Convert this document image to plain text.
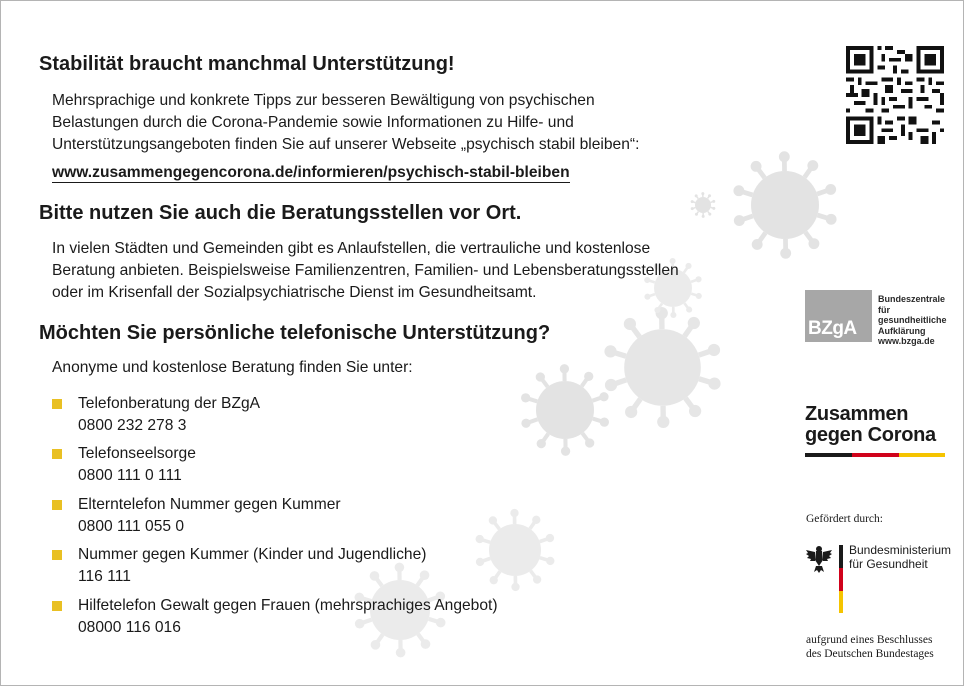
Stabilität braucht manchmal Unterstützung!

Mehrsprachige und konkrete Tipps zur besseren Bewältigung von psychischen
Belastungen durch die Corona-Pandemie sowie Informationen zu Hilfe- und
Unterstützungsangeboten finden Sie auf unserer Webseite „psychisch stabil bleiben“:

www.zusammengegencorona.de/informieren/psychisch-stabil-bleiben
Bitte nutzen Sie auch die Beratungsstellen vor Ort.

In vielen Städten und Gemeinden gibt es Anlaufstellen, die vertrauliche und kostenlose
Beratung anbieten. Beispielsweise Familienzentren, Familien- und Lebensberatungsstellen
oder im Krisenfall der Sozialpsychiatrische Dienst im Gesundheitsamt.

Möchten Sie persönliche telefonische Unterstützung?

Anonyme und kostenlose Beratung finden Sie unter:

Telefonberatung der BZgA
0800 232 278 3
Telefonseelsorge
0800 111 0 111
Elterntelefon Nummer gegen Kummer
0800 111 055 0
Nummer gegen Kummer (Kinder und Jugendliche)
116 111
Hilfetelefon Gewalt gegen Frauen (mehrsprachiges Angebot)
08000 116 016
BZgA
Bundeszentrale
für
gesundheitliche
Aufklärung
www.bzga.de
Zusammen
gegen Corona
Gefördert durch:
Bundesministerium
für Gesundheit
aufgrund eines Beschlusses
des Deutschen Bundestages
